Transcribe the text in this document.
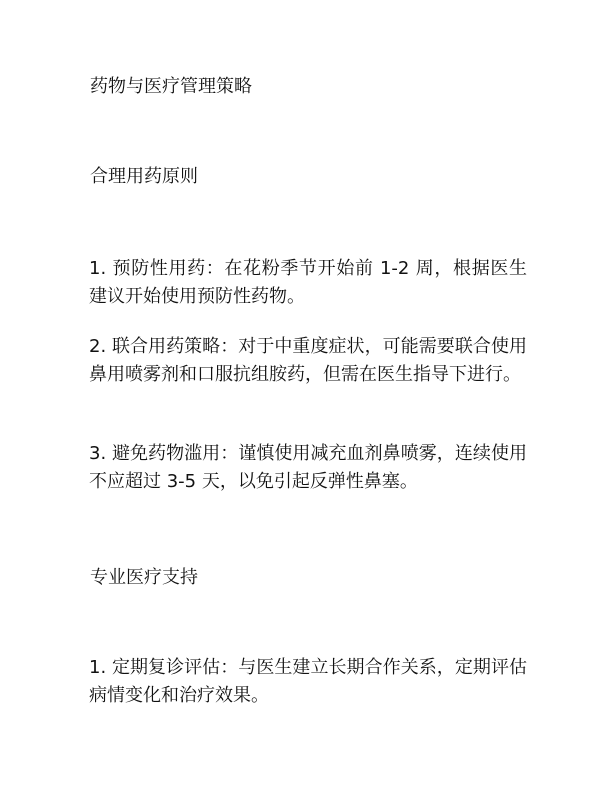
药物与医疗管理策略
合理用药原则

1. 预防性用药：在花粉季节开始前 1-2 周，根据医生建议开始使用预防性药物。

2. 联合用药策略：对于中重度症状，可能需要联合使用鼻用喷雾剂和口服抗组胺药，但需在医生指导下进行。

3. 避免药物滥用：谨慎使用减充血剂鼻喷雾，连续使用不应超过 3-5 天，以免引起反弹性鼻塞。

专业医疗支持

1. 定期复诊评估：与医生建立长期合作关系，定期评估病情变化和治疗效果。
